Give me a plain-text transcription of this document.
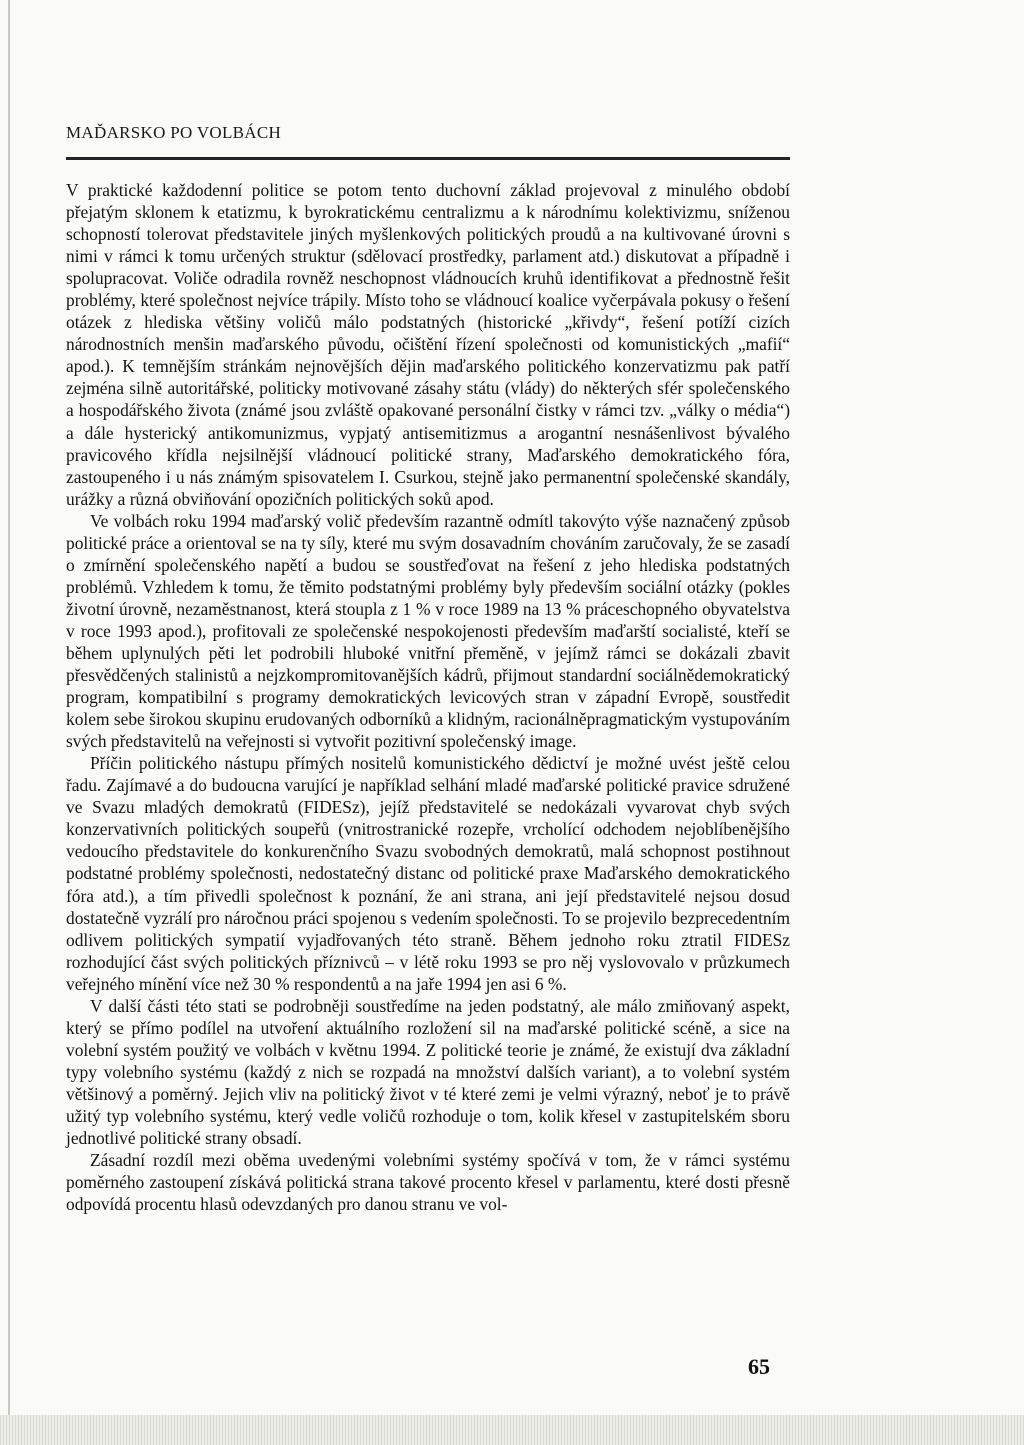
MAĎARSKO PO VOLBÁCH

V praktické každodenní politice se potom tento duchovní základ projevoval z minulého období přejatým sklonem k etatizmu, k byrokratickému centralizmu a k národnímu kolektivizmu, sníženou schopností tolerovat představitele jiných myšlenkových politických proudů a na kultivované úrovni s nimi v rámci k tomu určených struktur (sdělovací prostředky, parlament atd.) diskutovat a případně i spolupracovat. Voliče odradila rovněž neschopnost vládnoucích kruhů identifikovat a přednostně řešit problémy, které společnost nejvíce trápily. Místo toho se vládnoucí koalice vyčerpávala pokusy o řešení otázek z hlediska většiny voličů málo podstatných (historické „křivdy“, řešení potíží cizích národnostních menšin maďarského původu, očištění řízení společnosti od komunistických „mafií“ apod.). K temnějším stránkám nejnovějších dějin maďarského politického konzervatizmu pak patří zejména silně autoritářské, politicky motivované zásahy státu (vlády) do některých sfér společenského a hospodářského života (známé jsou zvláště opakované personální čistky v rámci tzv. „války o média“) a dále hysterický antikomunizmus, vypjatý antisemitizmus a arogantní nesnášenlivost bývalého pravicového křídla nejsilnější vládnoucí politické strany, Maďarského demokratického fóra, zastoupeného i u nás známým spisovatelem I. Csurkou, stejně jako permanentní společenské skandály, urážky a různá obviňování opozičních politických soků apod.

Ve volbách roku 1994 maďarský volič především razantně odmítl takovýto výše naznačený způsob politické práce a orientoval se na ty síly, které mu svým dosavadním chováním zaručovaly, že se zasadí o zmírnění společenského napětí a budou se soustřeďovat na řešení z jeho hlediska podstatných problémů. Vzhledem k tomu, že těmito podstatnými problémy byly především sociální otázky (pokles životní úrovně, nezaměstnanost, která stoupla z 1 % v roce 1989 na 13 % práceschopného obyvatelstva v roce 1993 apod.), profitovali ze společenské nespokojenosti především maďarští socialisté, kteří se během uplynulých pěti let podrobili hluboké vnitřní přeměně, v jejímž rámci se dokázali zbavit přesvědčených stalinistů a nejzkompromitovanějších kádrů, přijmout standardní sociálnědemokratický program, kompatibilní s programy demokratických levicových stran v západní Evropě, soustředit kolem sebe širokou skupinu erudovaných odborníků a klidným, racionálněpragmatickým vystupováním svých představitelů na veřejnosti si vytvořit pozitivní společenský image.

Příčin politického nástupu přímých nositelů komunistického dědictví je možné uvést ještě celou řadu. Zajímavé a do budoucna varující je například selhání mladé maďarské politické pravice sdružené ve Svazu mladých demokratů (FIDESz), jejíž představitelé se nedokázali vyvarovat chyb svých konzervativních politických soupeřů (vnitrostranické rozepře, vrcholící odchodem nejoblíbenějšího vedoucího představitele do konkurenčního Svazu svobodných demokratů, malá schopnost postihnout podstatné problémy společnosti, nedostatečný distanc od politické praxe Maďarského demokratického fóra atd.), a tím přivedli společnost k poznání, že ani strana, ani její představitelé nejsou dosud dostatečně vyzrálí pro náročnou práci spojenou s vedením společnosti. To se projevilo bezprecedentním odlivem politických sympatií vyjadřovaných této straně. Během jednoho roku ztratil FIDESz rozhodující část svých politických příznivců – v létě roku 1993 se pro něj vyslovovalo v průzkumech veřejného mínění více než 30 % respondentů a na jaře 1994 jen asi 6 %.

V další části této stati se podrobněji soustředíme na jeden podstatný, ale málo zmiňovaný aspekt, který se přímo podílel na utvoření aktuálního rozložení sil na maďarské politické scéně, a sice na volební systém použitý ve volbách v květnu 1994. Z politické teorie je známé, že existují dva základní typy volebního systému (každý z nich se rozpadá na množství dalších variant), a to volební systém většinový a poměrný. Jejich vliv na politický život v té které zemi je velmi výrazný, neboť je to právě užitý typ volebního systému, který vedle voličů rozhoduje o tom, kolik křesel v zastupitelském sboru jednotlivé politické strany obsadí.

Zásadní rozdíl mezi oběma uvedenými volebními systémy spočívá v tom, že v rámci systému poměrného zastoupení získává politická strana takové procento křesel v parlamentu, které dosti přesně odpovídá procentu hlasů odevzdaných pro danou stranu ve vol-

65
